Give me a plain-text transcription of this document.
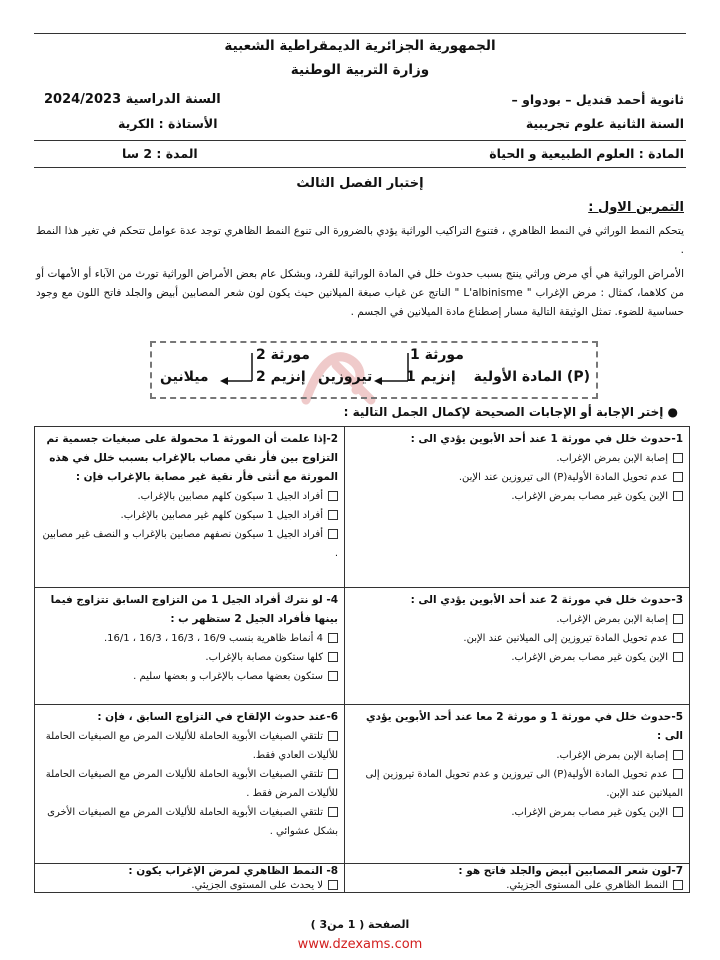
الجمهورية الجزائرية الديمقراطية الشعبية
وزارة التربية الوطنية
ثانوية أحمد قنديل – بودواو –
السنة الدراسية 2024/2023
السنة الثانية علوم تجريبية
الأستاذة : الكرية
المادة : العلوم الطبيعية و الحياة
المدة : 2 سا
إختبار الفصل الثالث
التمرين الاول :

يتحكم النمط الوراثي في النمط الظاهري ، فتنوع التراكيب الوراثية يؤدي بالضرورة الى تنوع النمط الظاهري توجد عدة عوامل تتحكم في تغير هذا النمط .

الأمراض الوراثية هي أي مرض وراثي ينتج بسبب حدوث خلل في المادة الوراثية للفرد، وبشكل عام بعض الأمراض الوراثية تورث من الآباء أو الأمهات أو من كلاهما، كمثال : مرض الإغراب " L'albinisme " الناتج عن غياب صبغة الميلانين حيث يكون لون شعر المصابين أبيض والجلد فاتح اللون مع وجود حساسية للضوء. تمثل الوثيقة التالية مسار إصطناع مادة الميلانين في الجسم .

المادة الأولية (P)
مورثة 1
إنزيم 1
تيروزين
مورثة 2
إنزيم 2
ميلانين
● إختر الإجابة أو الإجابات الصحيحة لإكمال الجمل التالية :
1-حدوث خلل في مورثة 1 عند أحد الأبوين يؤدي الى :
إصابة الإبن بمرض الإغراب.
عدم تحويل المادة الأولية(P) الى تيروزين عند الإبن.
الإبن يكون غير مصاب بمرض الإغراب.
2-إذا علمت أن المورثة 1 محمولة على صبغيات جسمية تم التزاوج بين فأر نقي مصاب بالإغراب بسبب خلل في هذه المورثة مع أنثى فأر نقية غير مصابة بالإغراب فإن :
أفراد الجيل 1 سيكون كلهم مصابين بالإغراب.
أفراد الجيل 1 سيكون كلهم غير مصابين بالإغراب.
أفراد الجيل 1 سيكون نصفهم مصابين بالإغراب و النصف غير مصابين .
3-حدوث خلل في مورثة 2 عند أحد الأبوين يؤدي الى :
إصابة الإبن بمرض الإغراب.
عدم تحويل المادة تيروزين إلى الميلانين عند الإبن.
الإبن يكون غير مصاب بمرض الإغراب.
4- لو نترك أفراد الجيل 1 من التزاوج السابق تتزاوج فيما بينها فأفراد الجيل 2 ستظهر ب :
4 أنماط ظاهرية بنسب 16/9 ، 16/3 ، 16/3 ، 16/1.
كلها ستكون مصابة بالإغراب.
ستكون بعضها مصاب بالإغراب و بعضها سليم .
5-حدوث خلل في مورثة 1 و مورثة 2 معا عند أحد الأبوين يؤدي الى :
إصابة الإبن بمرض الإغراب.
عدم تحويل المادة الأولية(P) الى تيروزين و عدم تحويل المادة تيروزين إلى الميلانين عند الإبن.
الإبن يكون غير مصاب بمرض الإغراب.
6-عند حدوث الإلقاح في التزاوج السابق ، فإن :
تلتقي الصبغيات الأبوية الحاملة للأليلات المرض مع الصبغيات الحاملة للأليلات العادي فقط.
تلتقي الصبغيات الأبوية الحاملة للأليلات المرض مع الصبغيات الحاملة للأليلات المرض فقط .
تلتقي الصبغيات الأبوية الحاملة للأليلات المرض مع الصبغيات الأخرى بشكل عشوائي .
7-لون شعر المصابين أبيض والجلد فاتح هو :
النمط الظاهري على المستوى الجزيئي.
8- النمط الظاهري لمرض الإغراب يكون :
لا يحدث على المستوى الجزيئي.
الصفحة ( 1 من3 )
www.dzexams.com
